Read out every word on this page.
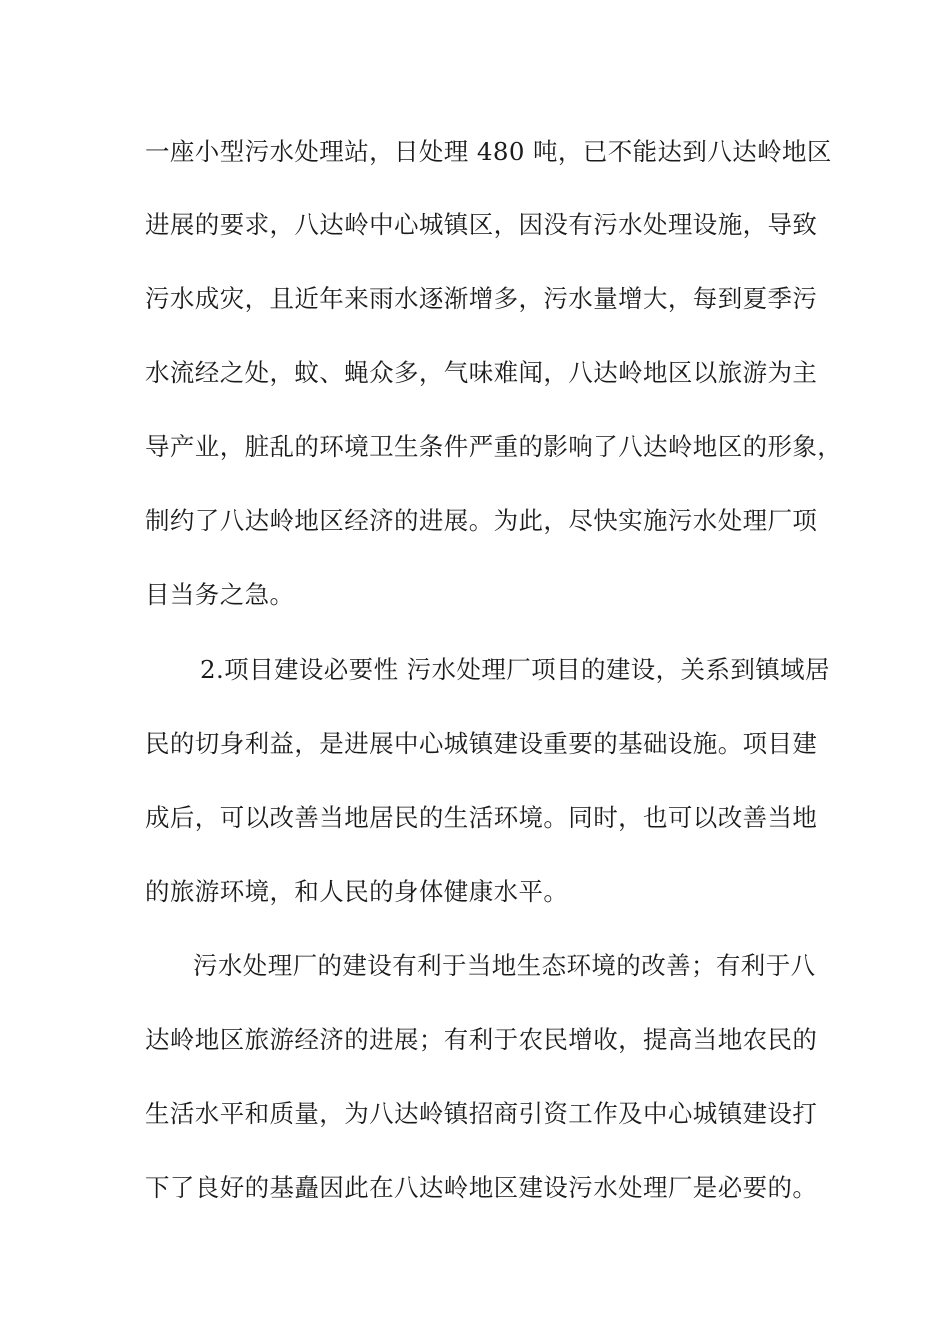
一座小型污水处理站，日处理 480 吨，已不能达到八达岭地区
进展的要求，八达岭中心城镇区，因没有污水处理设施，导致
污水成灾，且近年来雨水逐渐增多，污水量增大，每到夏季污
水流经之处，蚊、蝇众多，气味难闻，八达岭地区以旅游为主
导产业，脏乱的环境卫生条件严重的影响了八达岭地区的形象，
制约了八达岭地区经济的进展。为此，尽快实施污水处理厂项
目当务之急。
2.项目建设必要性 污水处理厂项目的建设，关系到镇域居
民的切身利益，是进展中心城镇建设重要的基础设施。项目建
成后，可以改善当地居民的生活环境。同时，也可以改善当地
的旅游环境，和人民的身体健康水平。
污水处理厂的建设有利于当地生态环境的改善；有利于八
达岭地区旅游经济的进展；有利于农民增收，提高当地农民的
生活水平和质量，为八达岭镇招商引资工作及中心城镇建设打
下了良好的基矗因此在八达岭地区建设污水处理厂是必要的。
